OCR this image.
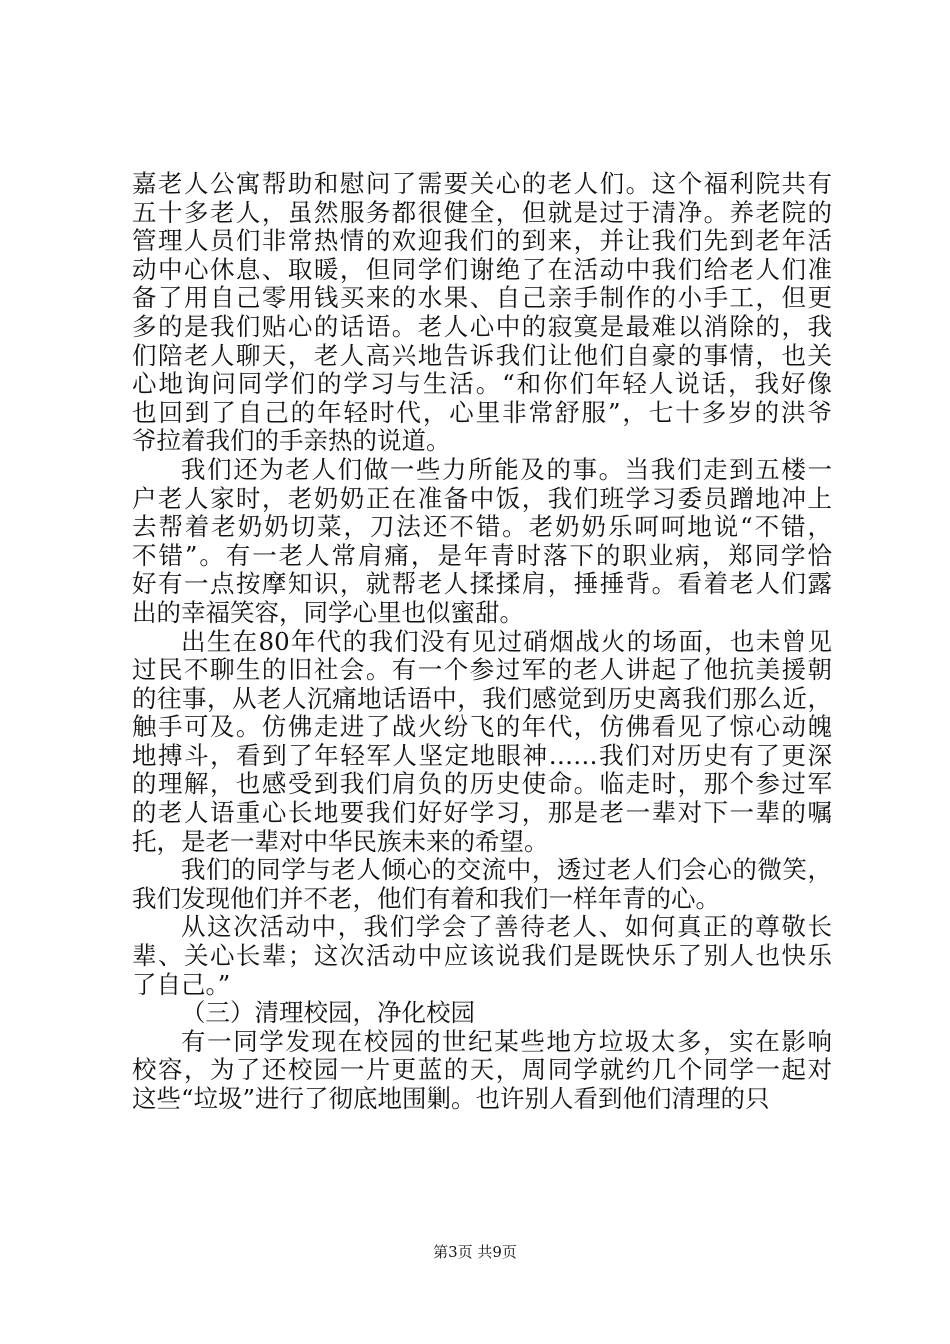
嘉老人公寓帮助和慰问了需要关心的老人们。这个福利院共有
五十多老人，虽然服务都很健全，但就是过于清净。养老院的
管理人员们非常热情的欢迎我们的到来，并让我们先到老年活
动中心休息、取暖，但同学们谢绝了在活动中我们给老人们准
备了用自己零用钱买来的水果、自己亲手制作的小手工，但更
多的是我们贴心的话语。老人心中的寂寞是最难以消除的，我
们陪老人聊天，老人高兴地告诉我们让他们自豪的事情，也关
心地询问同学们的学习与生活。“和你们年轻人说话，我好像
也回到了自己的年轻时代，心里非常舒服”，七十多岁的洪爷
爷拉着我们的手亲热的说道。
我们还为老人们做一些力所能及的事。当我们走到五楼一
户老人家时，老奶奶正在准备中饭，我们班学习委员蹭地冲上
去帮着老奶奶切菜，刀法还不错。老奶奶乐呵呵地说“不错，
不错”。有一老人常肩痛，是年青时落下的职业病，郑同学恰
好有一点按摩知识，就帮老人揉揉肩，捶捶背。看着老人们露
出的幸福笑容，同学心里也似蜜甜。
出生在80年代的我们没有见过硝烟战火的场面，也未曾见
过民不聊生的旧社会。有一个参过军的老人讲起了他抗美援朝
的往事，从老人沉痛地话语中，我们感觉到历史离我们那么近，
触手可及。仿佛走进了战火纷飞的年代，仿佛看见了惊心动魄
地搏斗，看到了年轻军人坚定地眼神……我们对历史有了更深
的理解，也感受到我们肩负的历史使命。临走时，那个参过军
的老人语重心长地要我们好好学习，那是老一辈对下一辈的嘱
托，是老一辈对中华民族未来的希望。
我们的同学与老人倾心的交流中，透过老人们会心的微笑，
我们发现他们并不老，他们有着和我们一样年青的心。
从这次活动中，我们学会了善待老人、如何真正的尊敬长
辈、关心长辈；这次活动中应该说我们是既快乐了别人也快乐
了自己。”
（三）清理校园，净化校园
有一同学发现在校园的世纪某些地方垃圾太多，实在影响
校容，为了还校园一片更蓝的天，周同学就约几个同学一起对
这些“垃圾”进行了彻底地围剿。也许别人看到他们清理的只
第3页 共9页
